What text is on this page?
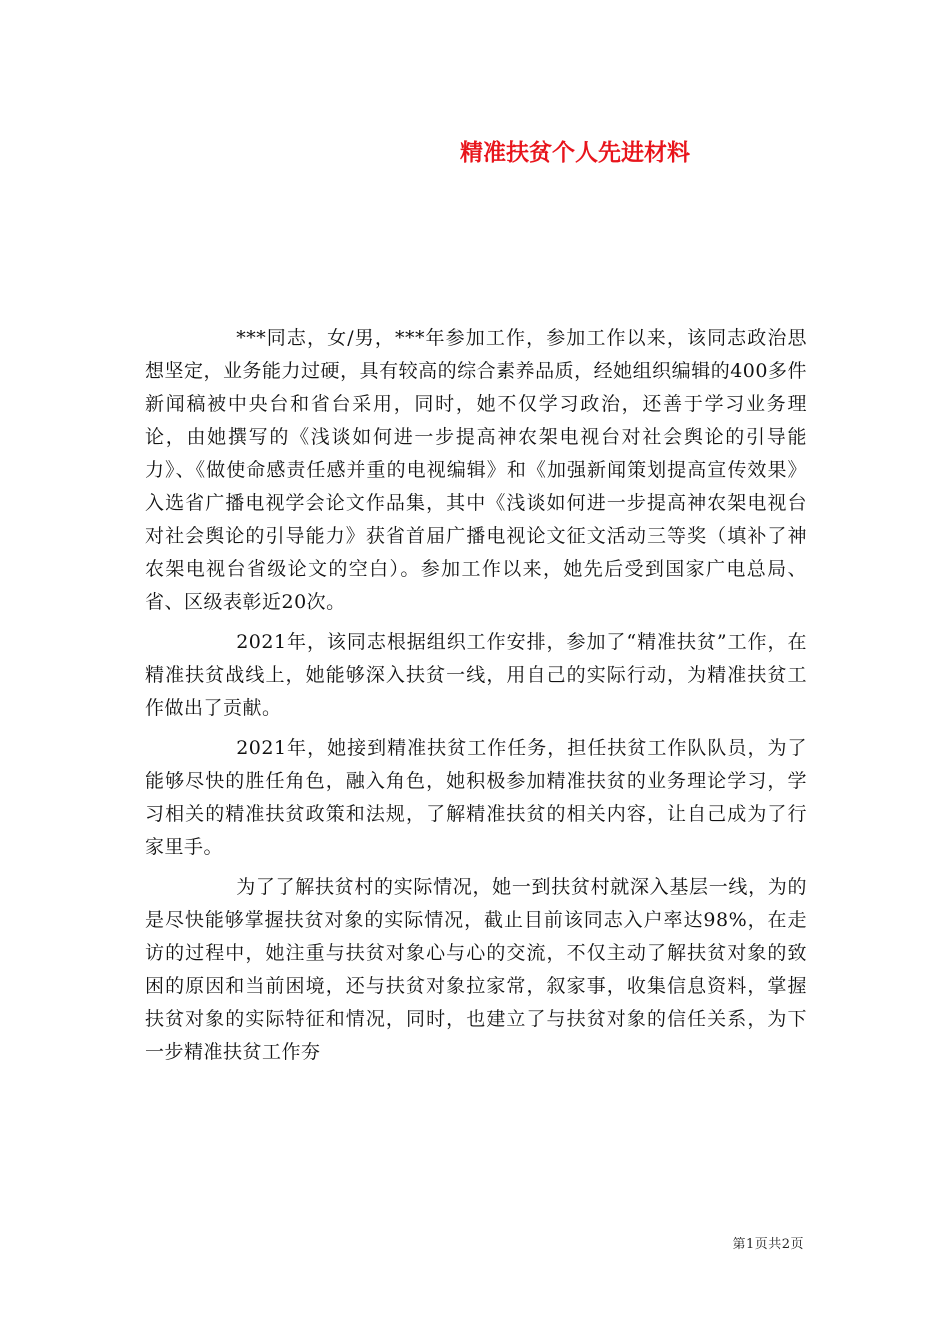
精准扶贫个人先进材料

***同志，女/男，***年参加工作，参加工作以来，该同志政治思想坚定，业务能力过硬，具有较高的综合素养品质，经她组织编辑的400多件新闻稿被中央台和省台采用，同时，她不仅学习政治，还善于学习业务理论，由她撰写的《浅谈如何进一步提高神农架电视台对社会舆论的引导能力》、《做使命感责任感并重的电视编辑》和《加强新闻策划提高宣传效果》入选省广播电视学会论文作品集，其中《浅谈如何进一步提高神农架电视台对社会舆论的引导能力》获省首届广播电视论文征文活动三等奖（填补了神农架电视台省级论文的空白）。参加工作以来，她先后受到国家广电总局、省、区级表彰近20次。

2021年，该同志根据组织工作安排，参加了“精准扶贫”工作，在精准扶贫战线上，她能够深入扶贫一线，用自己的实际行动，为精准扶贫工作做出了贡献。

2021年，她接到精准扶贫工作任务，担任扶贫工作队队员，为了能够尽快的胜任角色，融入角色，她积极参加精准扶贫的业务理论学习，学习相关的精准扶贫政策和法规，了解精准扶贫的相关内容，让自己成为了行家里手。

为了了解扶贫村的实际情况，她一到扶贫村就深入基层一线，为的是尽快能够掌握扶贫对象的实际情况，截止目前该同志入户率达98%，在走访的过程中，她注重与扶贫对象心与心的交流，不仅主动了解扶贫对象的致困的原因和当前困境，还与扶贫对象拉家常，叙家事，收集信息资料，掌握扶贫对象的实际特征和情况，同时，也建立了与扶贫对象的信任关系，为下一步精准扶贫工作夯

第1页共2页
